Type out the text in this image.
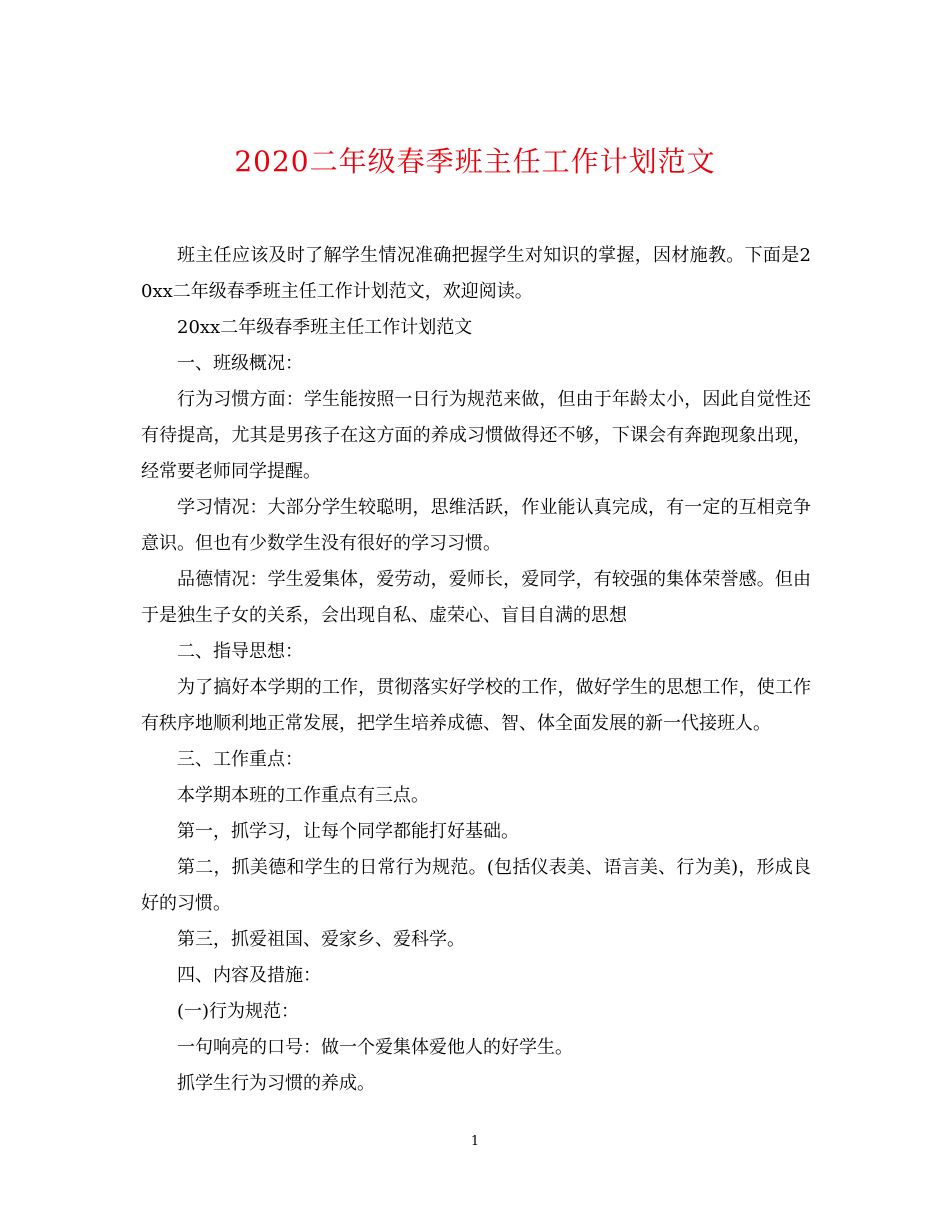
2020二年级春季班主任工作计划范文

班主任应该及时了解学生情况准确把握学生对知识的掌握，因材施教。下面是20xx二年级春季班主任工作计划范文，欢迎阅读。

20xx二年级春季班主任工作计划范文

一、班级概况：

行为习惯方面：学生能按照一日行为规范来做，但由于年龄太小，因此自觉性还有待提高，尤其是男孩子在这方面的养成习惯做得还不够，下课会有奔跑现象出现，经常要老师同学提醒。

学习情况：大部分学生较聪明，思维活跃，作业能认真完成，有一定的互相竞争意识。但也有少数学生没有很好的学习习惯。

品德情况：学生爱集体，爱劳动，爱师长，爱同学，有较强的集体荣誉感。但由于是独生子女的关系，会出现自私、虚荣心、盲目自满的思想

二、指导思想：

为了搞好本学期的工作，贯彻落实好学校的工作，做好学生的思想工作，使工作有秩序地顺利地正常发展，把学生培养成德、智、体全面发展的新一代接班人。

三、工作重点：

本学期本班的工作重点有三点。

第一，抓学习，让每个同学都能打好基础。

第二，抓美德和学生的日常行为规范。(包括仪表美、语言美、行为美)，形成良好的习惯。

第三，抓爱祖国、爱家乡、爱科学。

四、内容及措施：

(一)行为规范：

一句响亮的口号：做一个爱集体爱他人的好学生。

抓学生行为习惯的养成。

1
